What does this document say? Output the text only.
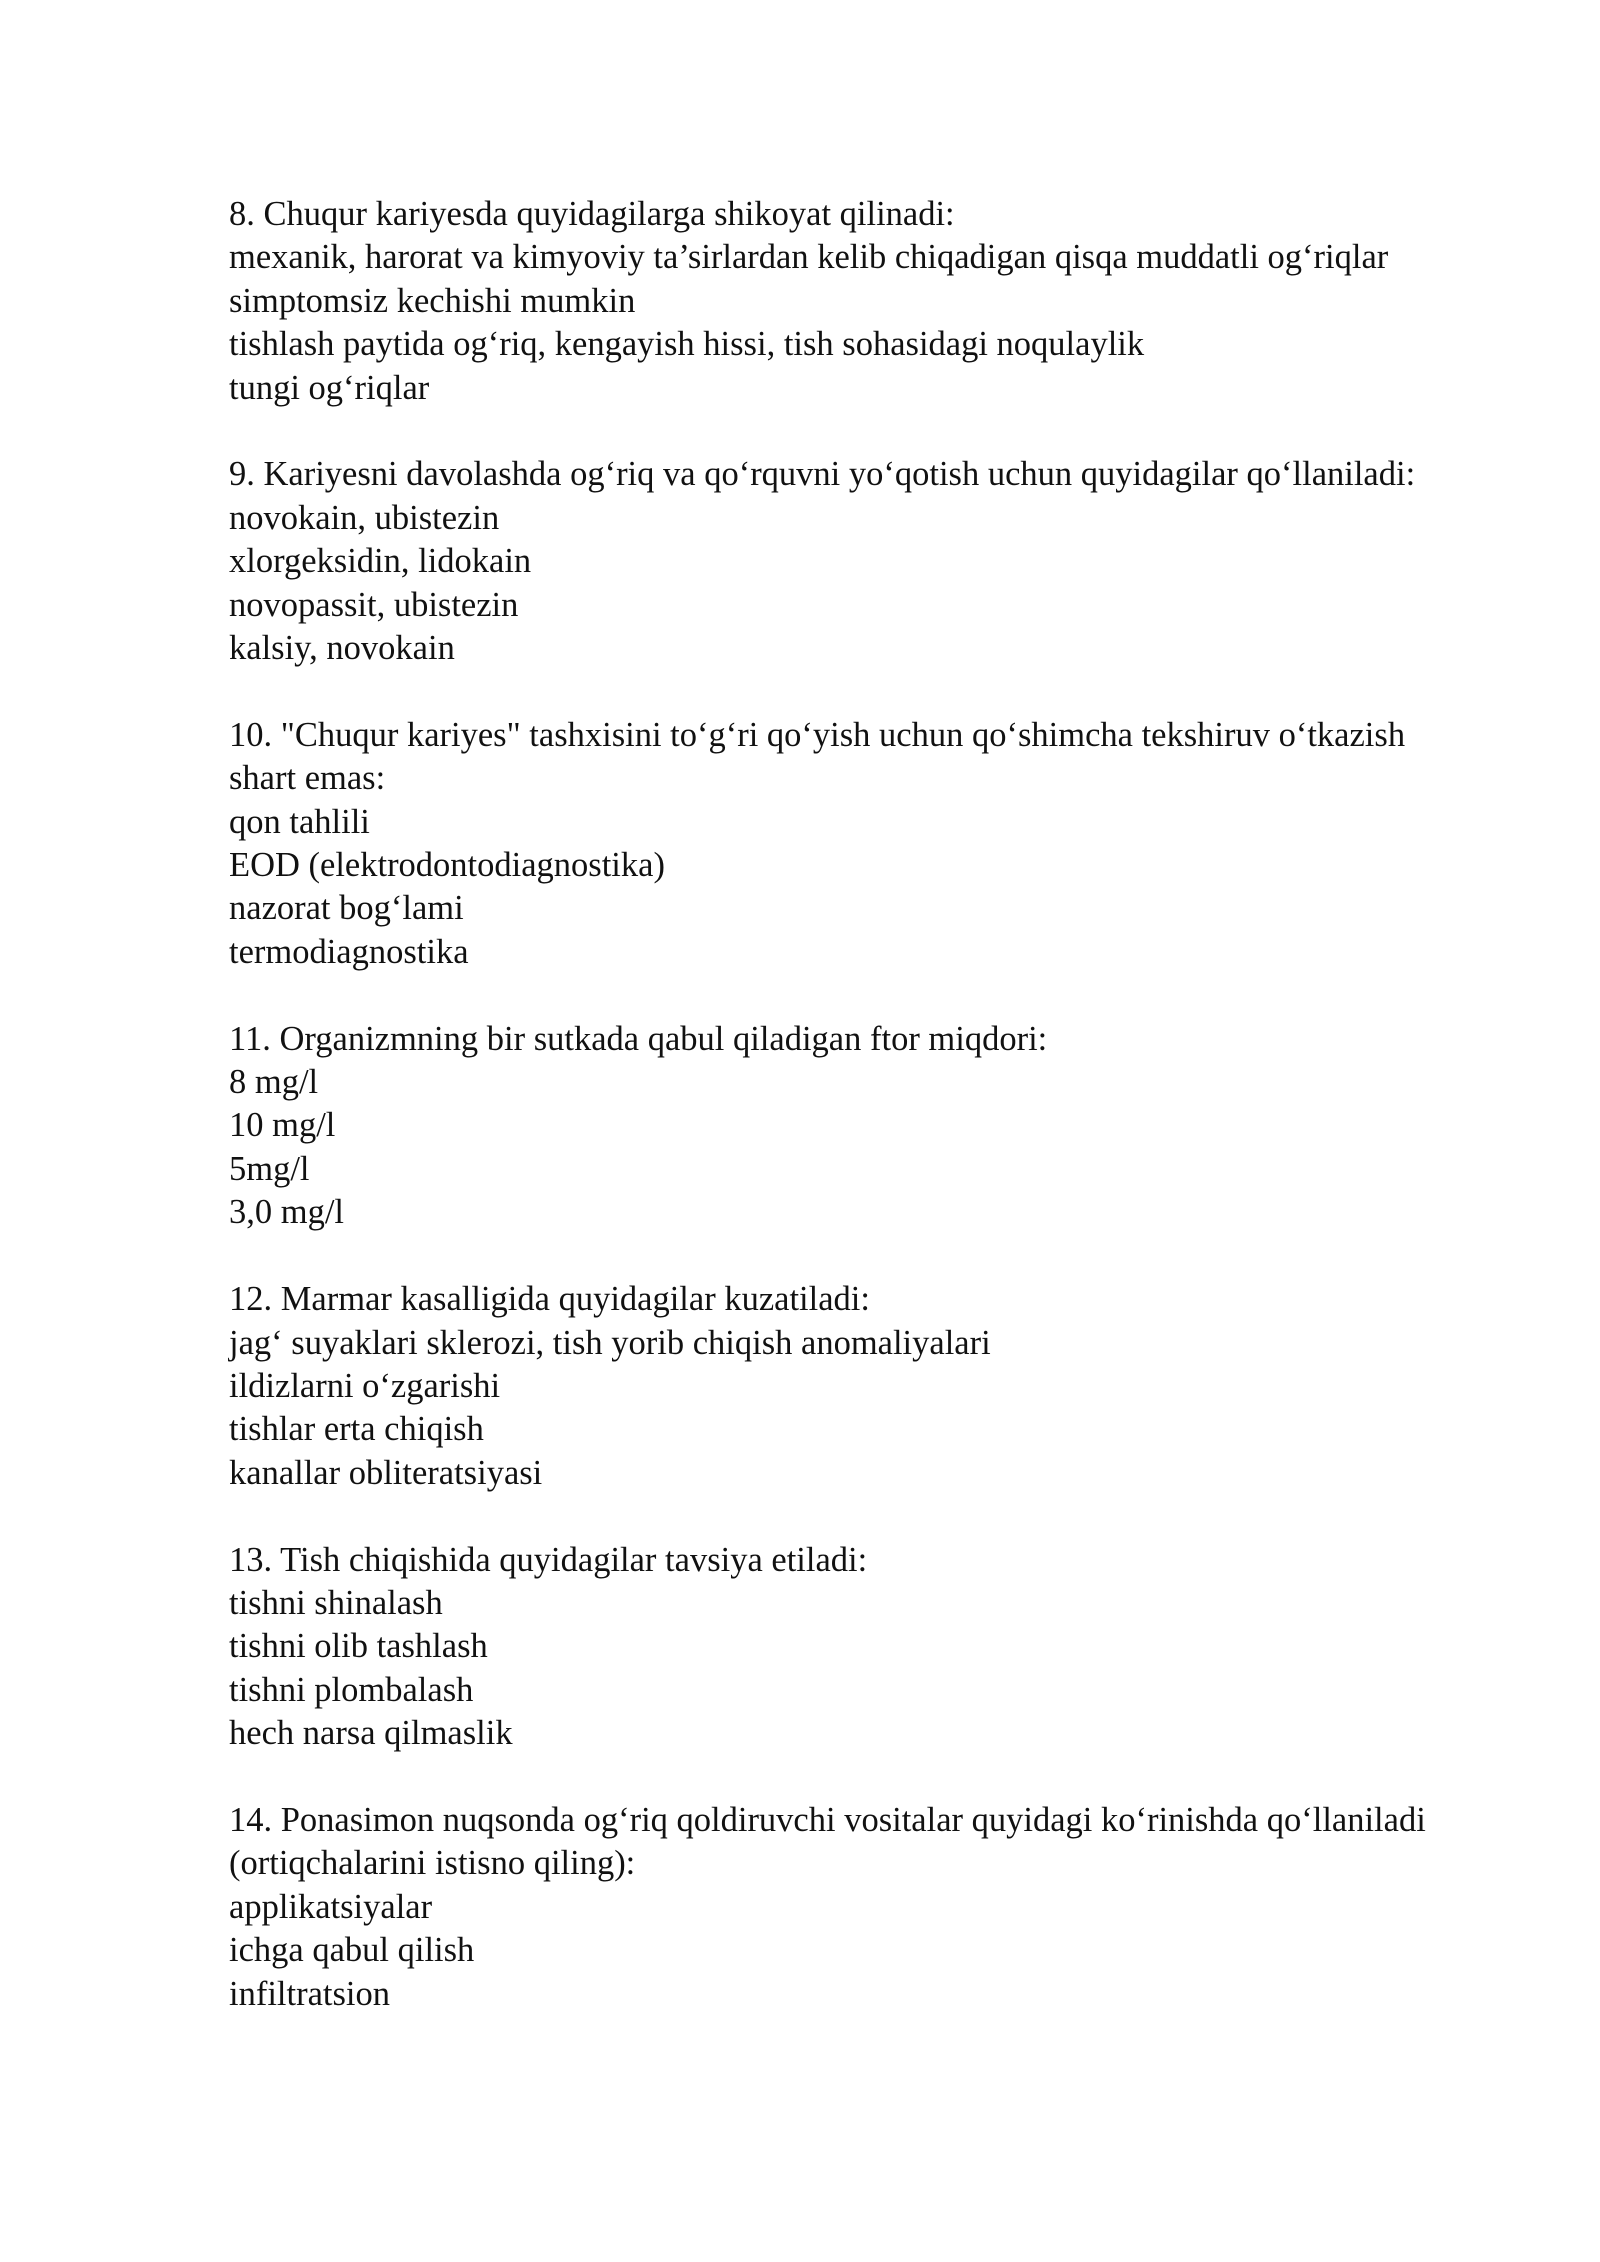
8. Chuqur kariyesda quyidagilarga shikoyat qilinadi:
mexanik, harorat va kimyoviy ta’sirlardan kelib chiqadigan qisqa muddatli og‘riqlar
simptomsiz kechishi mumkin
tishlash paytida og‘riq, kengayish hissi, tish sohasidagi noqulaylik
tungi og‘riqlar
9. Kariyesni davolashda og‘riq va qo‘rquvni yo‘qotish uchun quyidagilar qo‘llaniladi:
novokain, ubistezin
xlorgeksidin, lidokain
novopassit, ubistezin
kalsiy, novokain
10. "Chuqur kariyes" tashxisini to‘g‘ri qo‘yish uchun qo‘shimcha tekshiruv o‘tkazish shart emas:
qon tahlili
EOD (elektrodontodiagnostika)
nazorat bog‘lami
termodiagnostika
11. Organizmning bir sutkada qabul qiladigan ftor miqdori:
8 mg/l
10 mg/l
5mg/l
3,0 mg/l
12. Marmar kasalligida quyidagilar kuzatiladi:
jag‘ suyaklari sklerozi, tish yorib chiqish anomaliyalari
ildizlarni o‘zgarishi
tishlar erta chiqish
kanallar obliteratsiyasi
13. Tish chiqishida quyidagilar tavsiya etiladi:
tishni shinalash
tishni olib tashlash
tishni plombalash
hech narsa qilmaslik
14. Ponasimon nuqsonda og‘riq qoldiruvchi vositalar quyidagi ko‘rinishda qo‘llaniladi (ortiqchalarini istisno qiling):
applikatsiyalar
ichga qabul qilish
infiltratsion
